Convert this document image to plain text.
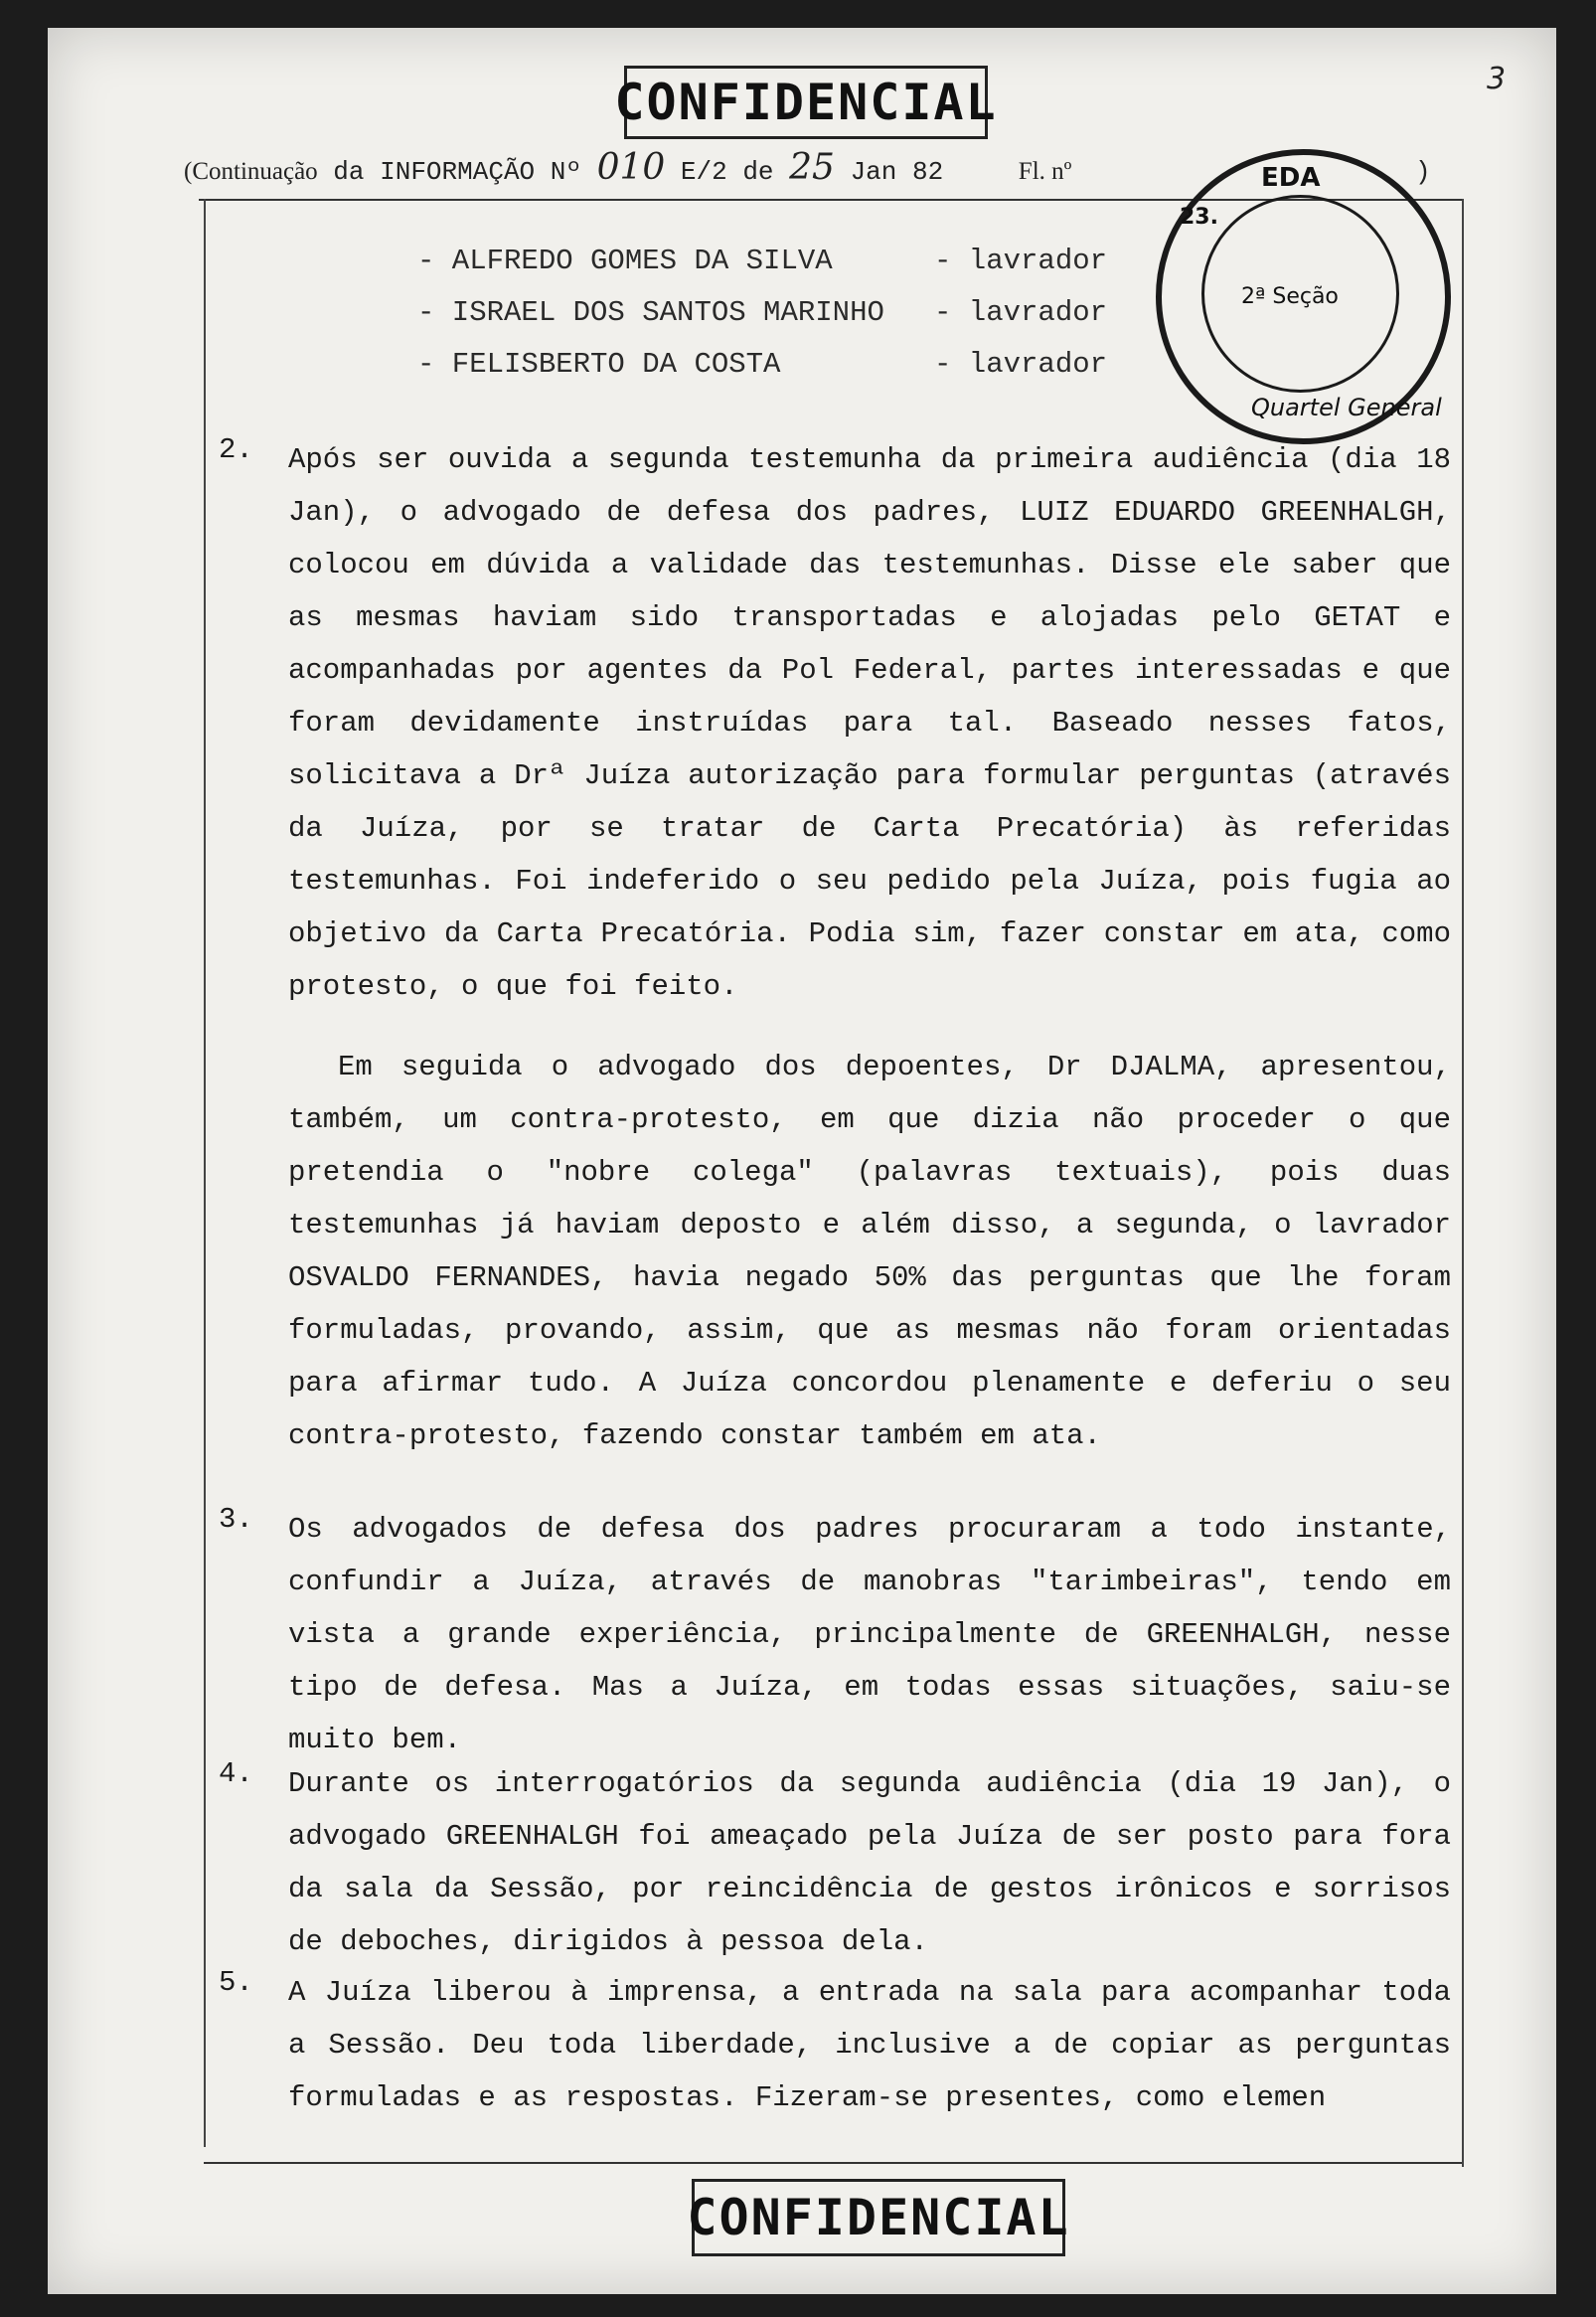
CONFIDENCIAL	3
(Continuação da INFORMAÇÃO Nº 010 E/2 de 25 Jan 82	Fl. nº	)
EDA
2ª Seção
Quartel General
23.
- ALFREDO GOMES DA SILVA	- lavrador
- ISRAEL DOS SANTOS MARINHO	- lavrador
- FELISBERTO DA COSTA	- lavrador
2. Após ser ouvida a segunda testemunha da primeira audiência (dia 18 Jan), o advogado de defesa dos padres, LUIZ EDUARDO GREENHALGH, colocou em dúvida a validade das testemunhas. Disse ele saber que as mesmas haviam sido transportadas e alojadas pelo GETAT e acompanhadas por agentes da Pol Federal, partes interessadas e que foram devidamente instruídas para tal. Baseado nesses fatos, solicitava a Drª Juíza autorização para formular perguntas (através da Juíza, por se tratar de Carta Precatória) às referidas testemunhas. Foi indeferido o seu pedido pela Juíza, pois fugia ao objetivo da Carta Precatória. Podia sim, fazer constar em ata, como protesto, o que foi feito.

Em seguida o advogado dos depoentes, Dr DJALMA, apresentou, também, um contra-protesto, em que dizia não proceder o que pretendia o "nobre colega" (palavras textuais), pois duas testemunhas já haviam deposto e além disso, a segunda, o lavrador OSVALDO FERNANDES, havia negado 50% das perguntas que lhe foram formuladas, provando, assim, que as mesmas não foram orientadas para afirmar tudo. A Juíza concordou plenamente e deferiu o seu contra-protesto, fazendo constar também em ata.

3. Os advogados de defesa dos padres procuraram a todo instante, confundir a Juíza, através de manobras "tarimbeiras", tendo em vista a grande experiência, principalmente de GREENHALGH, nesse tipo de defesa. Mas a Juíza, em todas essas situações, saiu-se muito bem.

4. Durante os interrogatórios da segunda audiência (dia 19 Jan), o advogado GREENHALGH foi ameaçado pela Juíza de ser posto para fora da sala da Sessão, por reincidência de gestos irônicos e sorrisos de deboches, dirigidos à pessoa dela.

5. A Juíza liberou à imprensa, a entrada na sala para acompanhar toda a Sessão. Deu toda liberdade, inclusive a de copiar as perguntas formuladas e as respostas. Fizeram-se presentes, como elemen

CONFIDENCIAL
